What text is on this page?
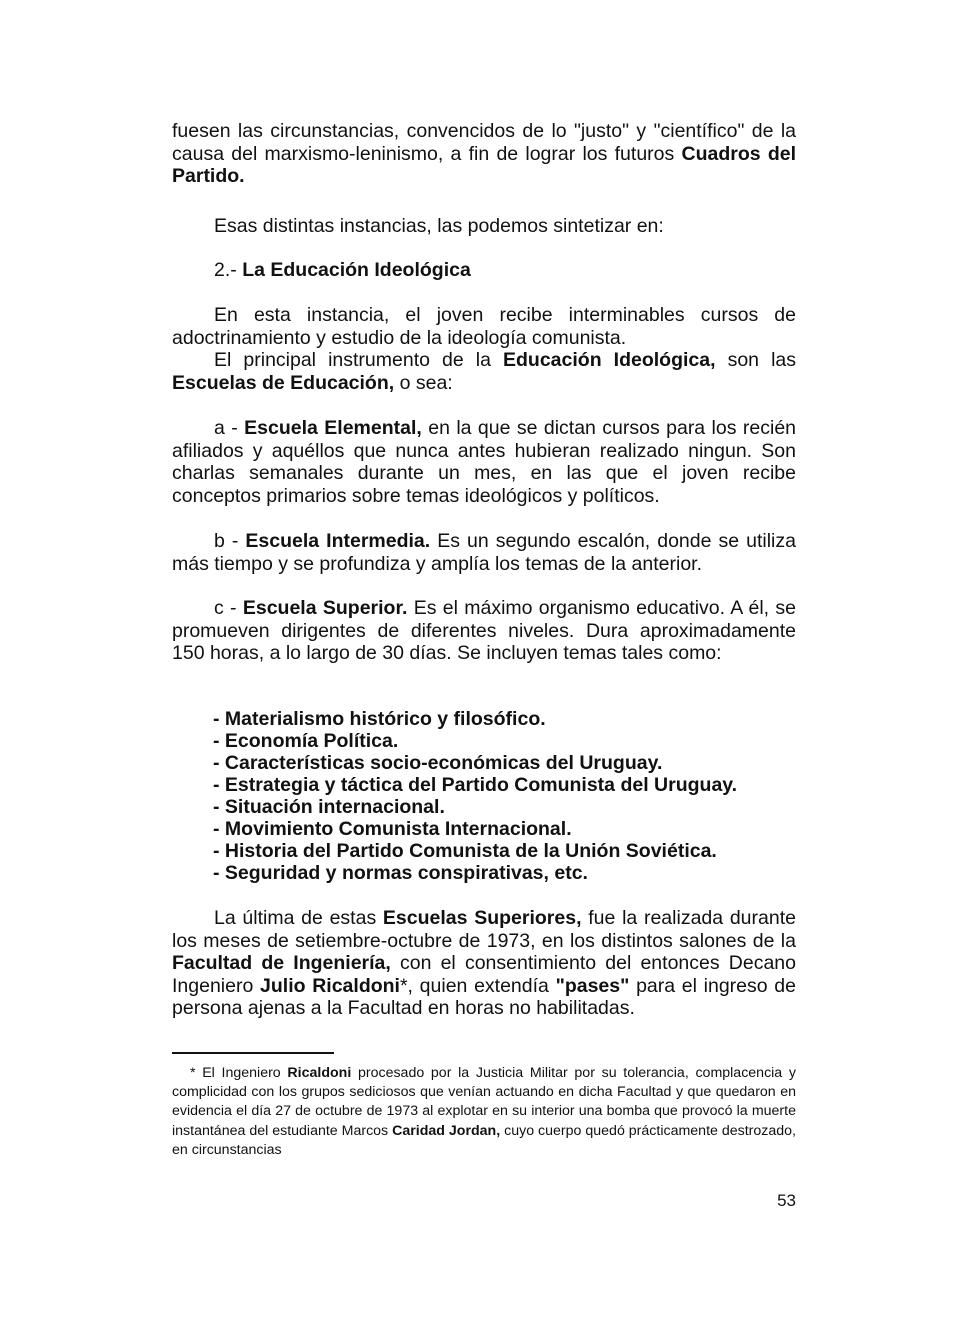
fuesen las circunstancias, convencidos de lo "justo" y "científico" de la causa del marxismo-leninismo, a fin de lograr los futuros Cuadros del Partido.

Esas distintas instancias, las podemos sintetizar en:

2.- La Educación Ideológica

En esta instancia, el joven recibe interminables cursos de adoctrinamiento y estudio de la ideología comunista.

El principal instrumento de la Educación Ideológica, son las Escuelas de Educación, o sea:

a - Escuela Elemental, en la que se dictan cursos para los recién afiliados y aquéllos que nunca antes hubieran realizado ningun. Son charlas semanales durante un mes, en las que el joven recibe conceptos primarios sobre temas ideológicos y políticos.

b - Escuela Intermedia. Es un segundo escalón, donde se utiliza más tiempo y se profundiza y amplía los temas de la anterior.

c - Escuela Superior. Es el máximo organismo educativo. A él, se promueven dirigentes de diferentes niveles. Dura aproximadamente 150 horas, a lo largo de 30 días. Se incluyen temas tales como:

- Materialismo histórico y filosófico.
- Economía Política.
- Características socio-económicas del Uruguay.
- Estrategia y táctica del Partido Comunista del Uruguay.
- Situación internacional.
- Movimiento Comunista Internacional.
- Historia del Partido Comunista de la Unión Soviética.
- Seguridad y normas conspirativas, etc.

La última de estas Escuelas Superiores, fue la realizada durante los meses de setiembre-octubre de 1973, en los distintos salones de la Facultad de Ingeniería, con el consentimiento del entonces Decano Ingeniero Julio Ricaldoni*, quien extendía "pases" para el ingreso de persona ajenas a la Facultad en horas no habilitadas.

* El Ingeniero Ricaldoni procesado por la Justicia Militar por su tolerancia, complacencia y complicidad con los grupos sediciosos que venían actuando en dicha Facultad y que quedaron en evidencia el día 27 de octubre de 1973 al explotar en su interior una bomba que provocó la muerte instantánea del estudiante Marcos Caridad Jordan, cuyo cuerpo quedó prácticamente destrozado, en circunstancias

53
